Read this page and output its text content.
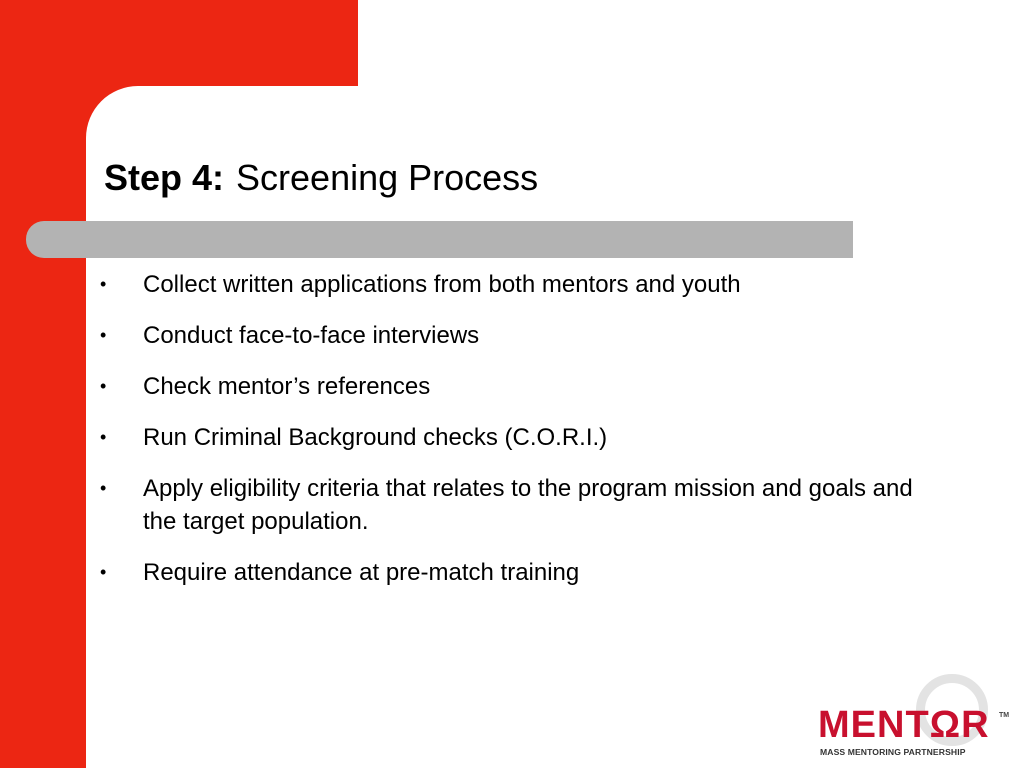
Step 4: Screening Process
• Collect written applications from both mentors and youth
• Conduct face-to-face interviews
• Check mentor’s references
• Run Criminal Background checks (C.O.R.I.)
• Apply eligibility criteria that relates to the program mission and goals and the target population.
• Require attendance at pre-match training
MENTΩR TM
MASS MENTORING PARTNERSHIP
